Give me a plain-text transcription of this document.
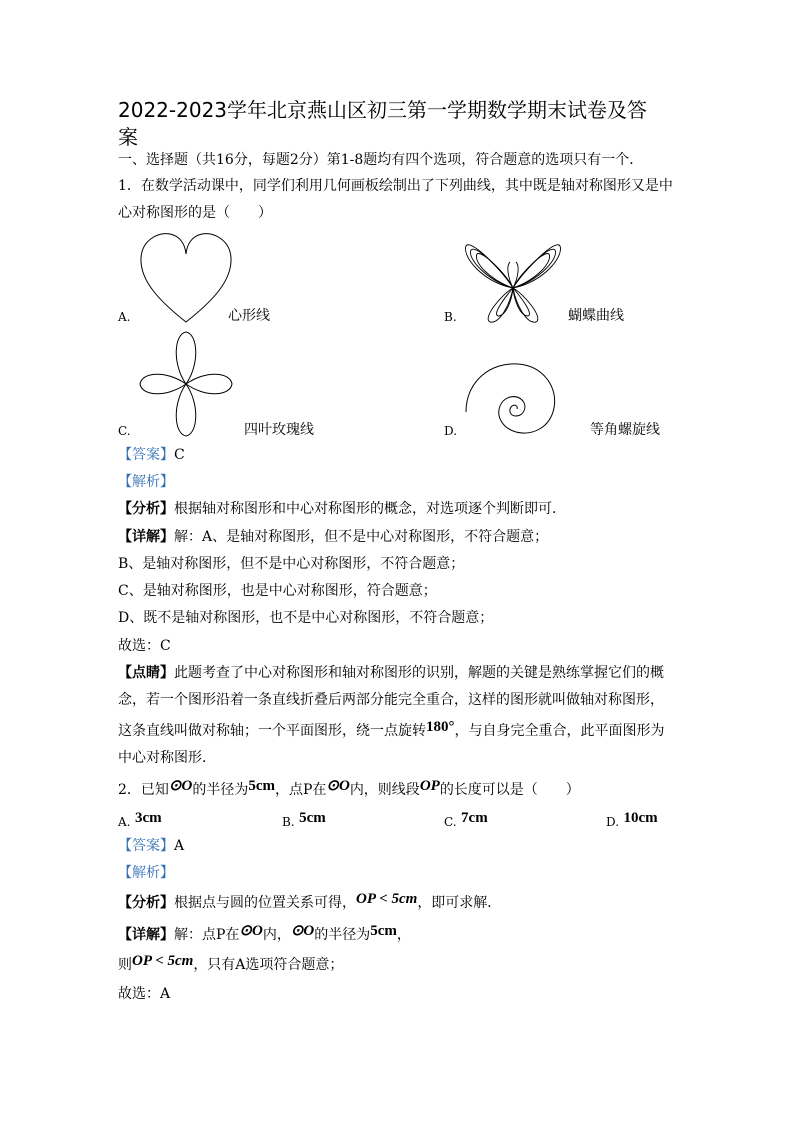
2022-2023学年北京燕山区初三第一学期数学期末试卷及答
案
一、选择题（共16分，每题2分）第1-8题均有四个选项，符合题意的选项只有一个．
1．在数学活动课中，同学们利用几何画板绘制出了下列曲线，其中既是轴对称图形又是中
心对称图形的是（　　）
A.	心形线	B.	蝴蝶曲线
C.	四叶玫瑰线	D.	等角螺旋线
【答案】C
【解析】
【分析】根据轴对称图形和中心对称图形的概念，对选项逐个判断即可．
【详解】解：A、是轴对称图形，但不是中心对称图形，不符合题意；
B、是轴对称图形，但不是中心对称图形，不符合题意；
C、是轴对称图形，也是中心对称图形，符合题意；
D、既不是轴对称图形，也不是中心对称图形，不符合题意；
故选：C
【点睛】此题考查了中心对称图形和轴对称图形的识别，解题的关键是熟练掌握它们的概
念，若一个图形沿着一条直线折叠后两部分能完全重合，这样的图形就叫做轴对称图形，
这条直线叫做对称轴；一个平面图形，绕一点旋转180°，与自身完全重合，此平面图形为
中心对称图形．
2．已知⊙O的半径为5cm，点P在⊙O内，则线段OP的长度可以是（　　）
A. 3cm	B. 5cm	C. 7cm	D. 10cm
【答案】A
【解析】
【分析】根据点与圆的位置关系可得，OP < 5cm，即可求解．
【详解】解：点P在⊙O内，⊙O的半径为5cm，
则OP < 5cm，只有A选项符合题意；
故选：A
